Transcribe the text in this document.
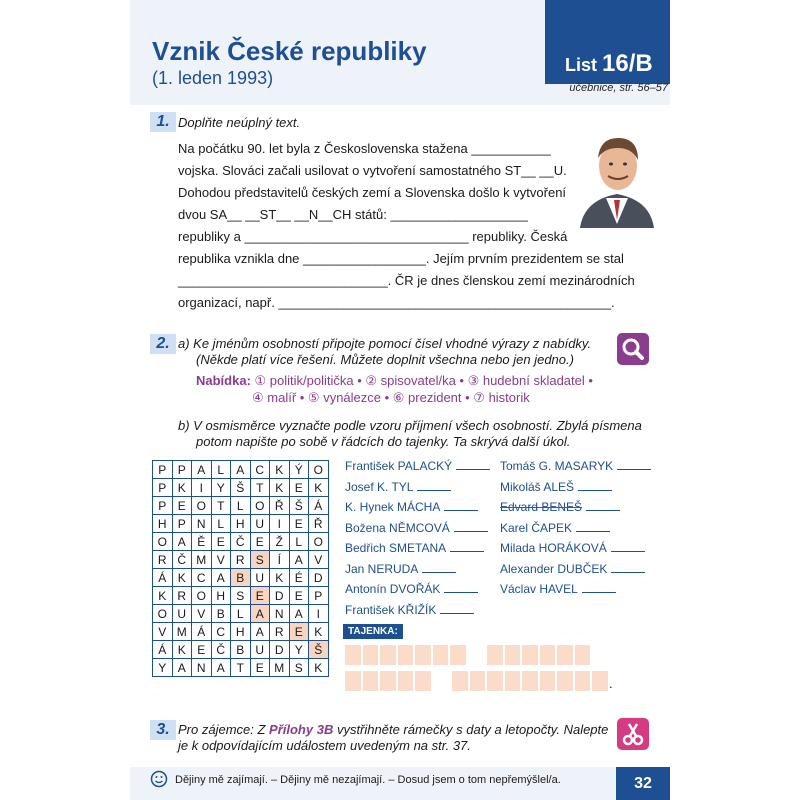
List 16/B
učebnice, str. 56–57
Vznik České republiky
(1. leden 1993)
1. Doplňte neúplný text.
Na počátku 90. let byla z Československa stažena ___________
vojska. Slováci začali usilovat o vytvoření samostatného ST__ __U.
Dohodou představitelů českých zemí a Slovenska došlo k vytvoření
dvou SA__ __ST__ __N__CH států: ___________________
republiky a _______________________________ republiky. Česká
republika vznikla dne _________________. Jejím prvním prezidentem se stal
_____________________________. ČR je dnes členskou zemí mezinárodních
organizací, např. ______________________________________________.
2. a) Ke jménům osobností připojte pomocí čísel vhodné výrazy z nabídky.
(Někde platí více řešení. Můžete doplnit všechna nebo jen jedno.)
Nabídka: ① politik/politička • ② spisovatel/ka • ③ hudební skladatel •
④ malíř • ⑤ vynálezce • ⑥ prezident • ⑦ historik
b) V osmisměrce vyznačte podle vzoru příjmení všech osobností. Zbylá písmena
potom napište po sobě v řádcích do tajenky. Ta skrývá další úkol.
P	P	A	L	A	C	K	Ý	O
P	K	I	Y	Š	T	K	E	K
P	E	O	T	L	O	Ř	Š	Á
H	P	N	L	H	U	I	E	Ř
O	A	Ě	E	Č	E	Ž	L	O
R	Č	M	V	R	S	Í	A	V
Á	K	C	A	B	U	K	É	D
K	R	O	H	S	E	D	E	P
O	U	V	B	L	A	N	A	I
V	M	Á	C	H	A	R	E	K
Á	K	E	Č	B	U	D	Y	Š
Y	A	N	A	T	E	M	S	K
František PALACKÝ
Josef K. TYL
K. Hynek MÁCHA
Božena NĚMCOVÁ
Bedřich SMETANA
Jan NERUDA
Antonín DVOŘÁK
František KŘIŽÍK
Tomáš G. MASARYK
Mikoláš ALEŠ
Edvard BENEŠ
Karel ČAPEK
Milada HORÁKOVÁ
Alexander DUBČEK
Václav HAVEL
TAJENKA:
.
3. Pro zájemce: Z Přílohy 3B vystřihněte rámečky s daty a letopočty. Nalepte
je k odpovídajícím událostem uvedeným na str. 37.
Dějiny mě zajímají. – Dějiny mě nezajímají. – Dosud jsem o tom nepřemýšlel/a.	32
